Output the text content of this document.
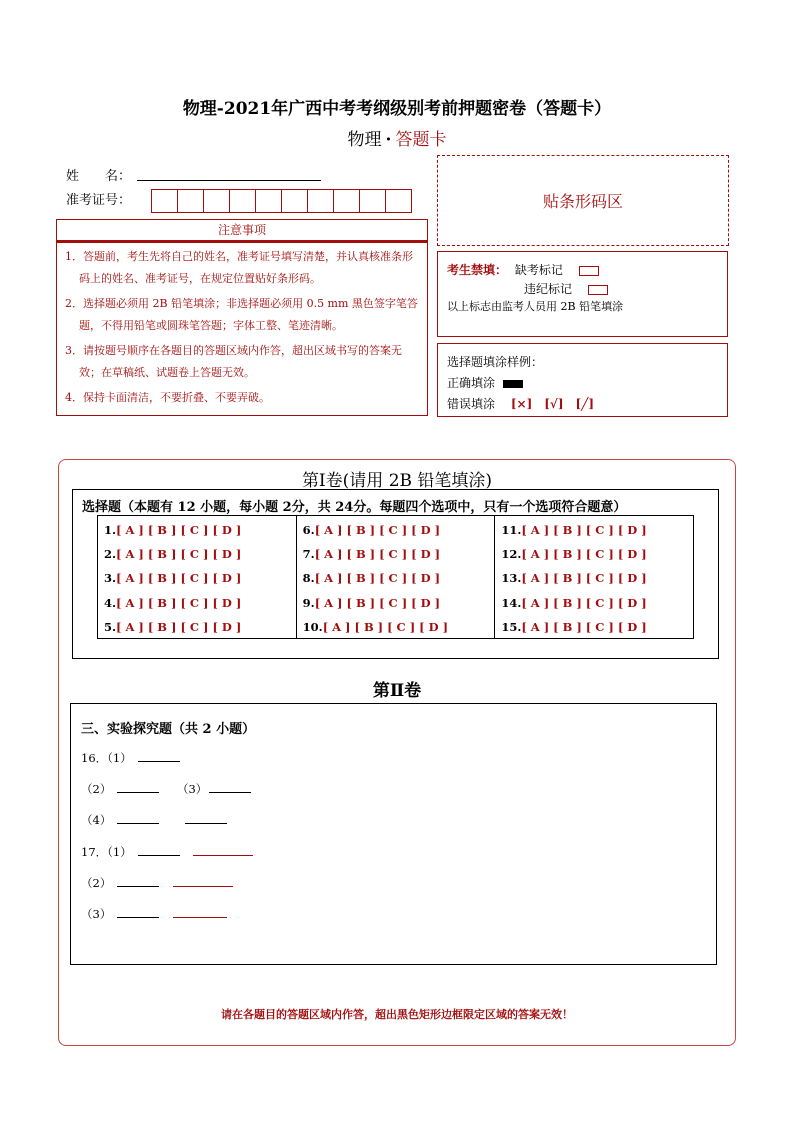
物理-2021年广西中考考纲级别考前押题密卷（答题卡）
物理 · 答题卡
姓　　名：
准考证号：	贴条形码区
注意事项

1．答题前，考生先将自己的姓名，准考证号填写清楚，并认真核准条形码上的姓名、准考证号，在规定位置贴好条形码。

2．选择题必须用 2B 铅笔填涂；非选择题必须用 0.5 mm 黑色签字笔答题，不得用铅笔或圆珠笔答题；字体工整、笔迹清晰。

3．请按题号顺序在各题目的答题区域内作答，超出区域书写的答案无效；在草稿纸、试题卷上答题无效。

4．保持卡面清洁，不要折叠、不要弄破。

考生禁填： 缺考标记
违纪标记
以上标志由监考人员用 2B 铅笔填涂
选择题填涂样例：
正确填涂
错误填涂 [×]　[√]　[╱]
第Ⅰ卷(请用 2B 铅笔填涂)
选择题（本题有 12 小题，每小题 2分，共 24分。每题四个选项中，只有一个选项符合题意）
1.[ A ] [ B ] [ C ] [ D ]
2.[ A ] [ B ] [ C ] [ D ]
3.[ A ] [ B ] [ C ] [ D ]
4.[ A ] [ B ] [ C ] [ D ]
5.[ A ] [ B ] [ C ] [ D ]
6.[ A ] [ B ] [ C ] [ D ]
7.[ A ] [ B ] [ C ] [ D ]
8.[ A ] [ B ] [ C ] [ D ]
9.[ A ] [ B ] [ C ] [ D ]
10.[ A ] [ B ] [ C ] [ D ]
11.[ A ] [ B ] [ C ] [ D ]
12.[ A ] [ B ] [ C ] [ D ]
13.[ A ] [ B ] [ C ] [ D ]
14.[ A ] [ B ] [ C ] [ D ]
15.[ A ] [ B ] [ C ] [ D ]
第Ⅱ卷
三、实验探究题（共 2 小题）
16．（1）
（2）	（3）
（4）
17．（1）
（2）
（3）
请在各题目的答题区域内作答，超出黑色矩形边框限定区域的答案无效！
